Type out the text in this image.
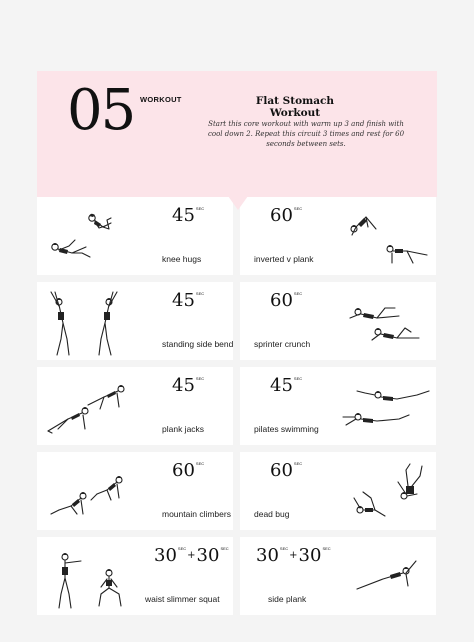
05 WORKOUT	Flat Stomach Workout
Start this core workout with warm up 3 and finish with cool down 2. Repeat this circuit 3 times and rest for 60 seconds between sets.
$45^{SEC}$
knee hugs
$60^{SEC}$
inverted v plank
$45^{SEC}$
standing side bend
$60^{SEC}$
sprinter crunch
$45^{SEC}$
plank jacks
$45^{SEC}$
pilates swimming
$60^{SEC}$
mountain climbers
$60^{SEC}$
dead bug
$30^{SEC}+30^{SEC}$
waist slimmer squat
$30^{SEC}+30^{SEC}$
side plank
